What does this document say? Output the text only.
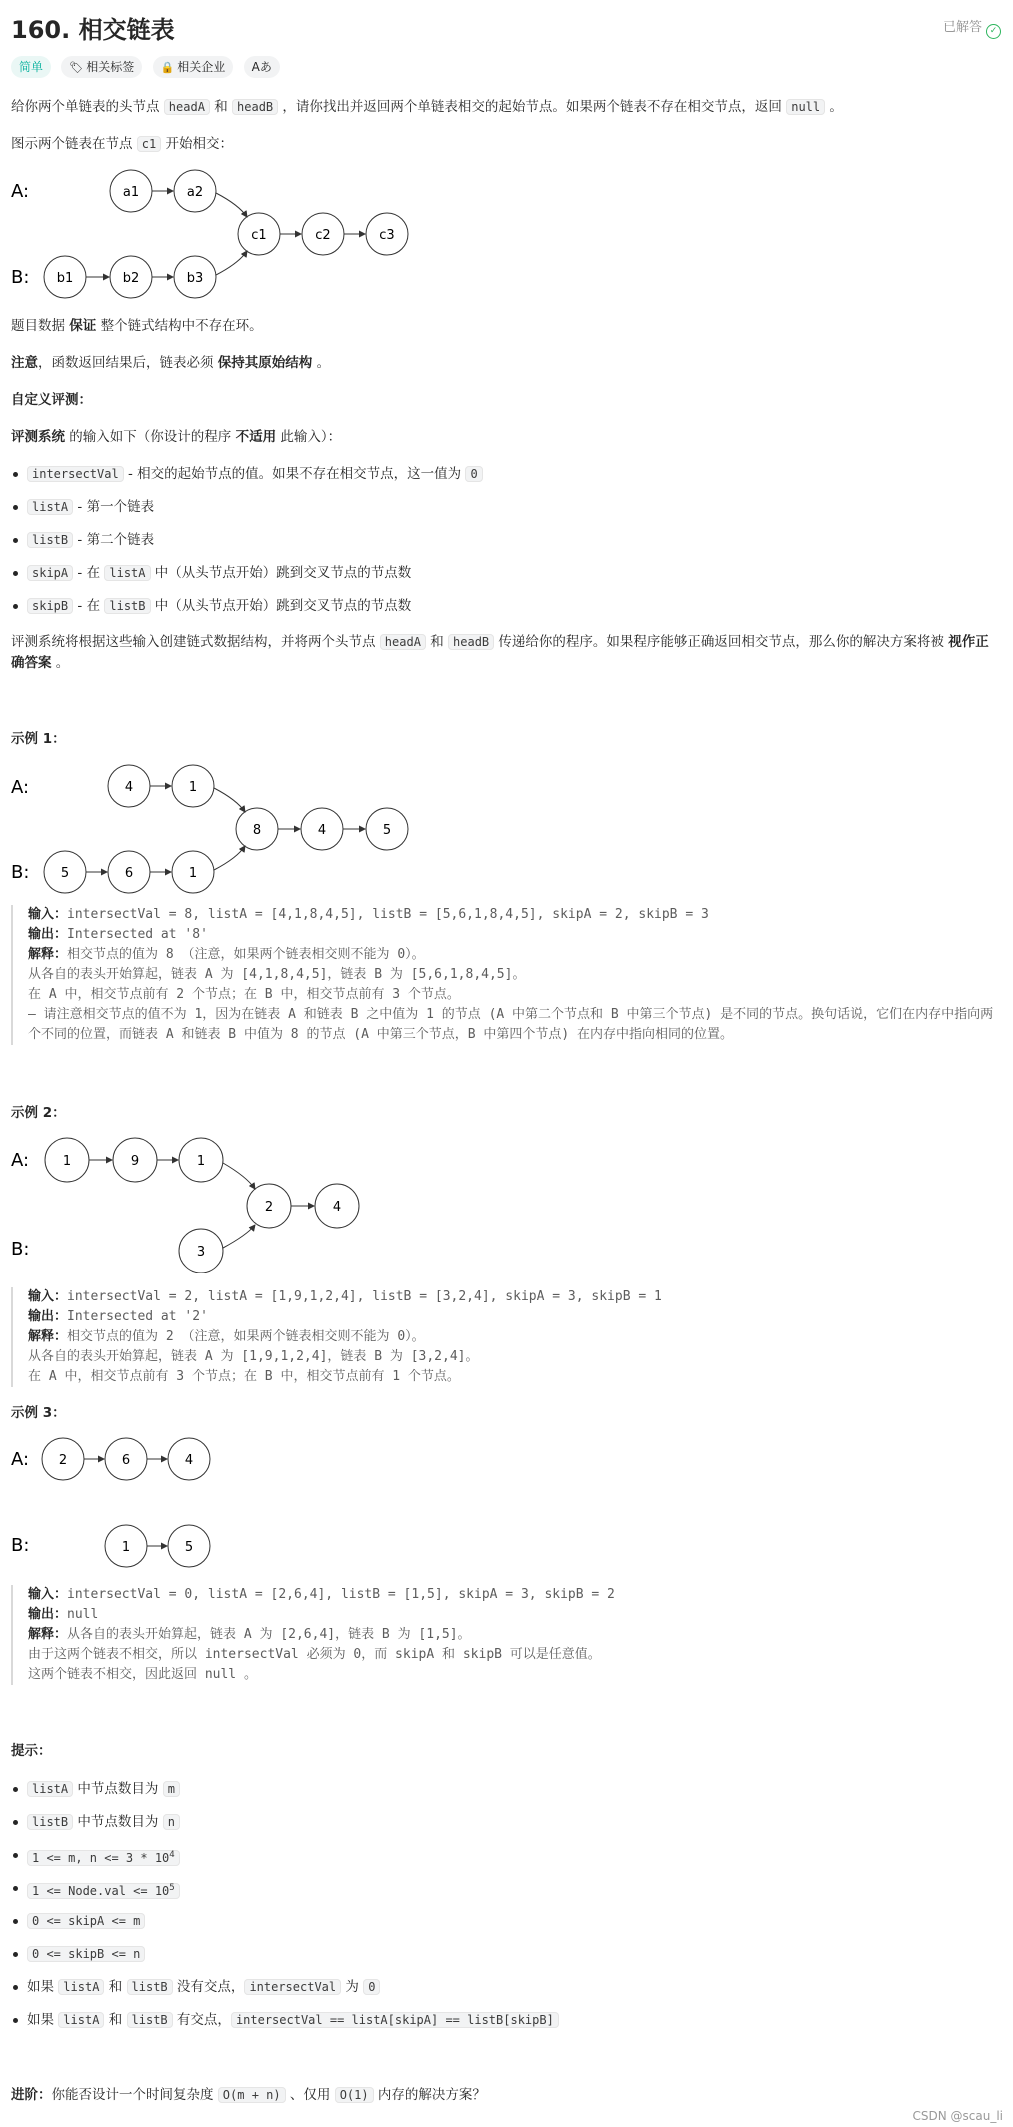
160. 相交链表	已解答 ✓
简单 🏷 相关标签 🔒 相关企业 Aあ

给你两个单链表的头节点 headA 和 headB ，请你找出并返回两个单链表相交的起始节点。如果两个链表不存在相交节点，返回 null 。

图示两个链表在节点 c1 开始相交：

A:
B:
a1	a2
b1	b2	b3
c1	c2	c3

题目数据 保证 整个链式结构中不存在环。

注意，函数返回结果后，链表必须 保持其原始结构 。

自定义评测：

评测系统 的输入如下（你设计的程序 不适用 此输入）：

intersectVal - 相交的起始节点的值。如果不存在相交节点，这一值为 0
listA - 第一个链表
listB - 第二个链表
skipA - 在 listA 中（从头节点开始）跳到交叉节点的节点数
skipB - 在 listB 中（从头节点开始）跳到交叉节点的节点数

评测系统将根据这些输入创建链式数据结构，并将两个头节点 headA 和 headB 传递给你的程序。如果程序能够正确返回相交节点，那么你的解决方案将被 视作正确答案 。

示例 1：

A:
B:
4	1
5	6	1
8	4	5
输入：intersectVal = 8, listA = [4,1,8,4,5], listB = [5,6,1,8,4,5], skipA = 2, skipB = 3
输出：Intersected at '8'
解释：相交节点的值为 8 （注意，如果两个链表相交则不能为 0）。
从各自的表头开始算起，链表 A 为 [4,1,8,4,5]，链表 B 为 [5,6,1,8,4,5]。
在 A 中，相交节点前有 2 个节点；在 B 中，相交节点前有 3 个节点。
— 请注意相交节点的值不为 1，因为在链表 A 和链表 B 之中值为 1 的节点 (A 中第二个节点和 B 中第三个节点) 是不同的节点。换句话说，它们在内存中指向两个不同的位置，而链表 A 和链表 B 中值为 8 的节点 (A 中第三个节点，B 中第四个节点) 在内存中指向相同的位置。

示例 2：

A:
B:
1	9	1
3
2	4
输入：intersectVal = 2, listA = [1,9,1,2,4], listB = [3,2,4], skipA = 3, skipB = 1
输出：Intersected at '2'
解释：相交节点的值为 2 （注意，如果两个链表相交则不能为 0）。
从各自的表头开始算起，链表 A 为 [1,9,1,2,4]，链表 B 为 [3,2,4]。
在 A 中，相交节点前有 3 个节点；在 B 中，相交节点前有 1 个节点。

示例 3：

A:
B:
2	6	4
1	5
输入：intersectVal = 0, listA = [2,6,4], listB = [1,5], skipA = 3, skipB = 2
输出：null
解释：从各自的表头开始算起，链表 A 为 [2,6,4]，链表 B 为 [1,5]。
由于这两个链表不相交，所以 intersectVal 必须为 0，而 skipA 和 skipB 可以是任意值。
这两个链表不相交，因此返回 null 。

提示：

listA 中节点数目为 m
listB 中节点数目为 n
1 <= m, $n <= 3 * 10^4$
1 <= Node.val <= $10^5$
0 <= skipA <= m
0 <= skipB <= n
如果 listA 和 listB 没有交点， intersectVal 为 0
如果 listA 和 listB 有交点， intersectVal == listA[skipA] == listB[skipB]

进阶：你能否设计一个时间复杂度 O(m + n) 、仅用 O(1) 内存的解决方案？

CSDN @scau_li
